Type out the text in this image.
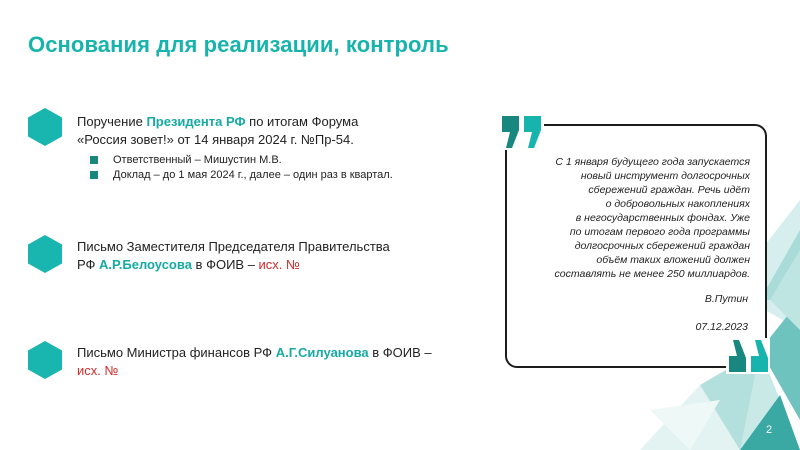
Основания для реализации, контроль
Поручение Президента РФ по итогам Форума
«Россия зовет!» от 14 января 2024 г. №Пр-54.
Ответственный – Мишустин М.В.
Доклад – до 1 мая 2024 г., далее – один раз в квартал.
Письмо Заместителя Председателя Правительства
РФ А.Р.Белоусова в ФОИВ – исх. №
Письмо Министра финансов РФ А.Г.Силуанова в ФОИВ –
исх. №
С 1 января будущего года запускается
новый инструмент долгосрочных
сбережений граждан. Речь идёт
о добровольных накоплениях
в негосударственных фондах. Уже
по итогам первого года программы
долгосрочных сбережений граждан
объём таких вложений должен
составлять не менее 250 миллиардов.
В.Путин
07.12.2023
2
